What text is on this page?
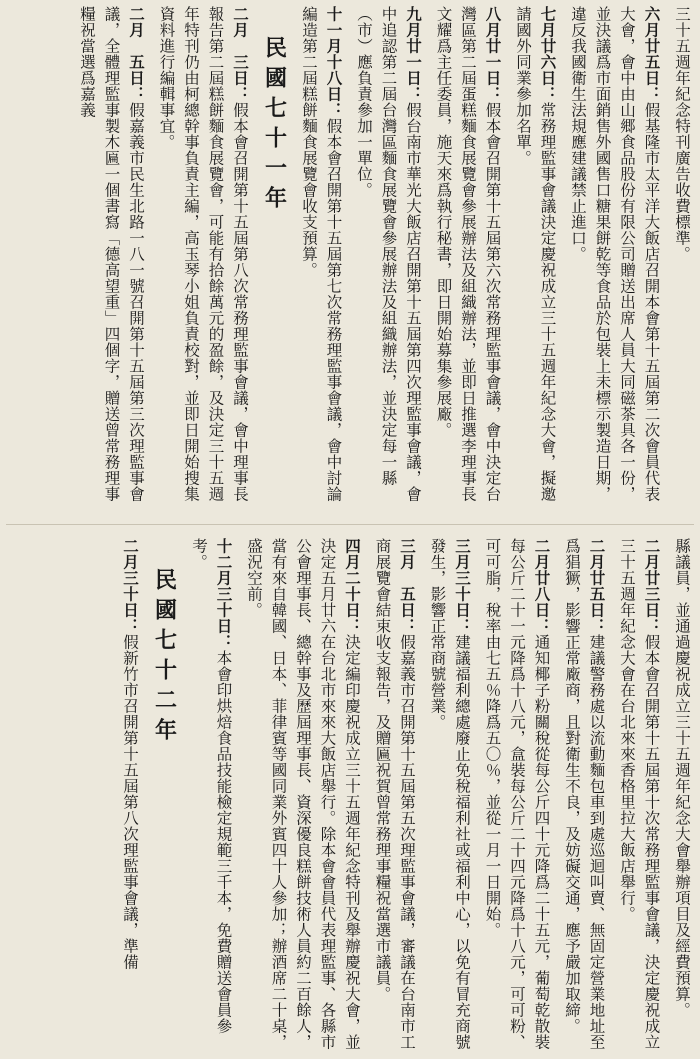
三十五週年紀念特刊廣告收費標準。
六月廿五日：假基隆市太平洋大飯店召開本會第十五屆第二次會員代表大會，會中由山郷食品股份有限公司贈送出席人員大同磁茶具各一份，並決議爲市面銷售外國售口糖果餅乾等食品於包裝上未標示製造日期，違反我國衛生法規應建議禁止進口。
七月廿六日：常務理監事會議決定慶祝成立三十五週年紀念大會，擬邀請國外同業參加名單。
八月廿一日：假本會召開第十五屆第六次常務理監事會議，會中決定台灣區第二屆蛋糕麵食展覽會參展辦法及組織辦法，並即日推選李理事長文耀爲主任委員，施天來爲執行秘書，即日開始募集參展廠。
九月廿一日：假台南市華光大飯店召開第十五屆第四次理監事會議，會中追認第二屆台灣區麵食展覽會參展辦法及組織辦法，並決定每一縣（市）應負責參加一單位。
十一月十八日：假本會召開第十五屆第七次常務理監事會議，會中討論編造第二屆糕餅麵食展覽會收支預算。
民國七十一年
二月　三日：假本會召開第十五屆第八次常務理監事會議，會中理事長報告第二屆糕餅麵食展覽會，可能有拾餘萬元的盈餘，及決定三十五週年特刊仍由柯總幹事負責主編，高玉琴小姐負責校對，並即日開始搜集資料進行編輯事宜。
二月　五日：假嘉義市民生北路一八一號召開第十五屆第三次理監事會議，全體理監事製木匾一個書寫「德高望重」四個字，贈送曾常務理事糧祝當選爲嘉義
縣議員，並通過慶祝成立三十五週年紀念大會舉辦項目及經費預算。
二月廿三日：假本會召開第十五屆第十次常務理監事會議，決定慶祝成立三十五週年紀念大會在台北來來香格里拉大飯店舉行。
二月廿五日：建議警務處以流動麵包車到處巡迴叫賣、無固定營業地址至爲猖獗，影響正常廠商，且對衛生不良，及妨礙交通，應予嚴加取締。
二月廿八日：通知椰子粉關稅從每公斤四十元降爲二十五元，葡萄乾散裝每公斤二十一元降爲十八元，盒裝每公斤二十四元降爲十八元，可可粉、可可脂，稅率由七五％降爲五〇％，並從一月一日開始。
三月三十日：建議福利總處廢止免稅福利社或福利中心，以免有冒充商號發生，影響正常商號營業。
三月　五日：假嘉義市召開第十五屆第五次理監事會議，審議在台南市工商展覽會結束收支報告，及贈匾祝賀曾常務理事糧祝當選市議員。
四月二十日：決定編印慶祝成立三十五週年紀念特刊及舉辦慶祝大會，並決定五月廿六在台北市來來大飯店舉行。除本會會員代表理監事、各縣市公會理事長、總幹事及歷屆理事長、資深優良糕餅技術人員約二百餘人，當有來自韓國、日本、菲律賓等國同業外賓四十人參加；辦酒席二十桌，盛況空前。
十二月三十日：本會印烘焙食品技能檢定規範三千本，免費贈送會員參考。
民國七十二年
二月三十日：假新竹市召開第十五屆第八次理監事會議，準備
